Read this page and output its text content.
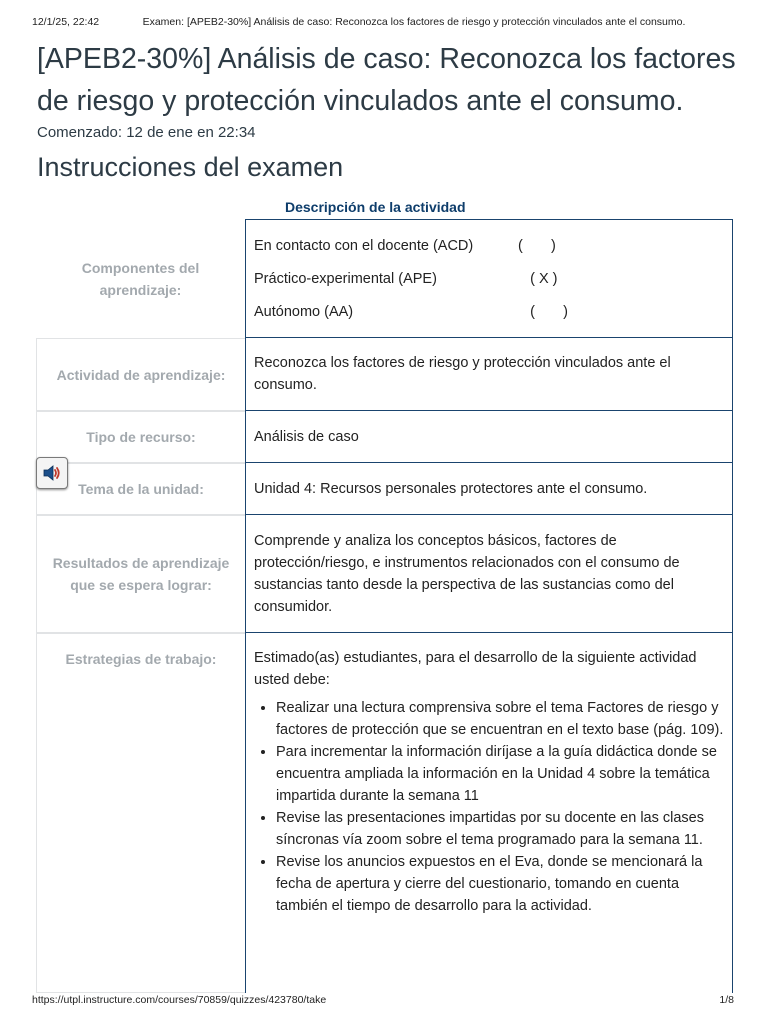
12/1/25, 22:42	Examen: [APEB2-30%] Análisis de caso: Reconozca los factores de riesgo y protección vinculados ante el consumo.
[APEB2-30%] Análisis de caso: Reconozca los factores de riesgo y protección vinculados ante el consumo.
Comenzado: 12 de ene en 22:34
Instrucciones del examen
Descripción de la actividad
Componentes del aprendizaje:
En contacto con el docente (ACD)	(       )
Práctico-experimental (APE)	( X )
Autónomo (AA)	(       )
Actividad de aprendizaje:
Reconozca los factores de riesgo y protección vinculados ante el consumo.
Tipo de recurso:	Análisis de caso
Tema de la unidad:	Unidad 4: Recursos personales protectores ante el consumo.
Resultados de aprendizaje que se espera lograr:
Comprende y analiza los conceptos básicos, factores de protección/riesgo, e instrumentos relacionados con el consumo de sustancias tanto desde la perspectiva de las sustancias como del consumidor.
Estrategias de trabajo:	Estimado(as) estudiantes, para el desarrollo de la siguiente actividad usted debe:
• Realizar una lectura comprensiva sobre el tema Factores de riesgo y factores de protección que se encuentran en el texto base (pág. 109).
• Para incrementar la información diríjase a la guía didáctica donde se encuentra ampliada la información en la Unidad 4 sobre la temática impartida durante la semana 11
• Revise las presentaciones impartidas por su docente en las clases síncronas vía zoom sobre el tema programado para la semana 11.
• Revise los anuncios expuestos en el Eva, donde se mencionará la fecha de apertura y cierre del cuestionario, tomando en cuenta también el tiempo de desarrollo para la actividad.
https://utpl.instructure.com/courses/70859/quizzes/423780/take	1/8
